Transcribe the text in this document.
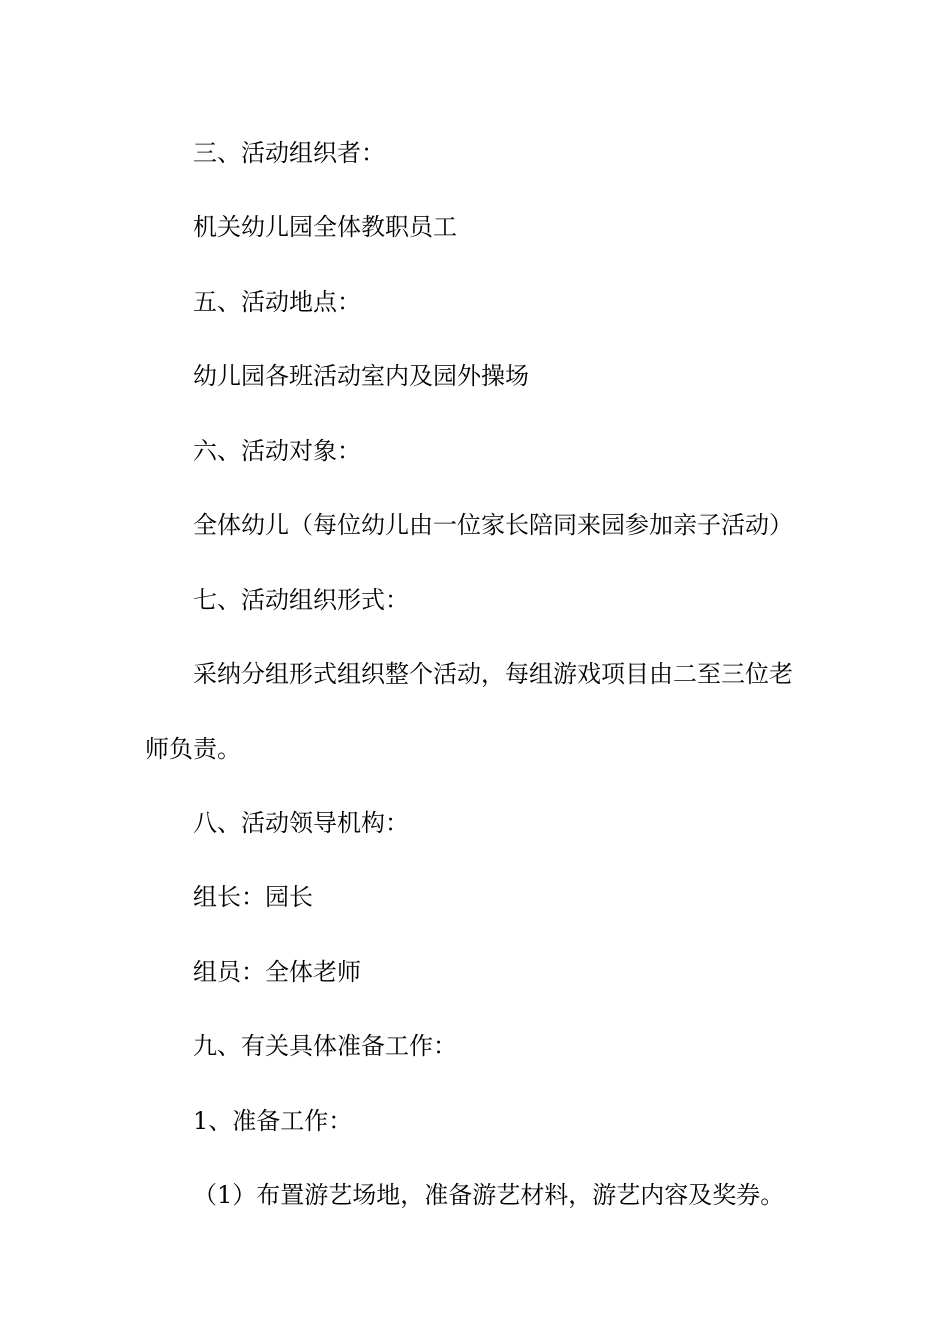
三、活动组织者：
机关幼儿园全体教职员工
五、活动地点：
幼儿园各班活动室内及园外操场
六、活动对象：
全体幼儿（每位幼儿由一位家长陪同来园参加亲子活动）
七、活动组织形式：
采纳分组形式组织整个活动，每组游戏项目由二至三位老
师负责。
八、活动领导机构：
组长：园长
组员：全体老师
九、有关具体准备工作：
1、准备工作：
（1）布置游艺场地，准备游艺材料，游艺内容及奖券。
